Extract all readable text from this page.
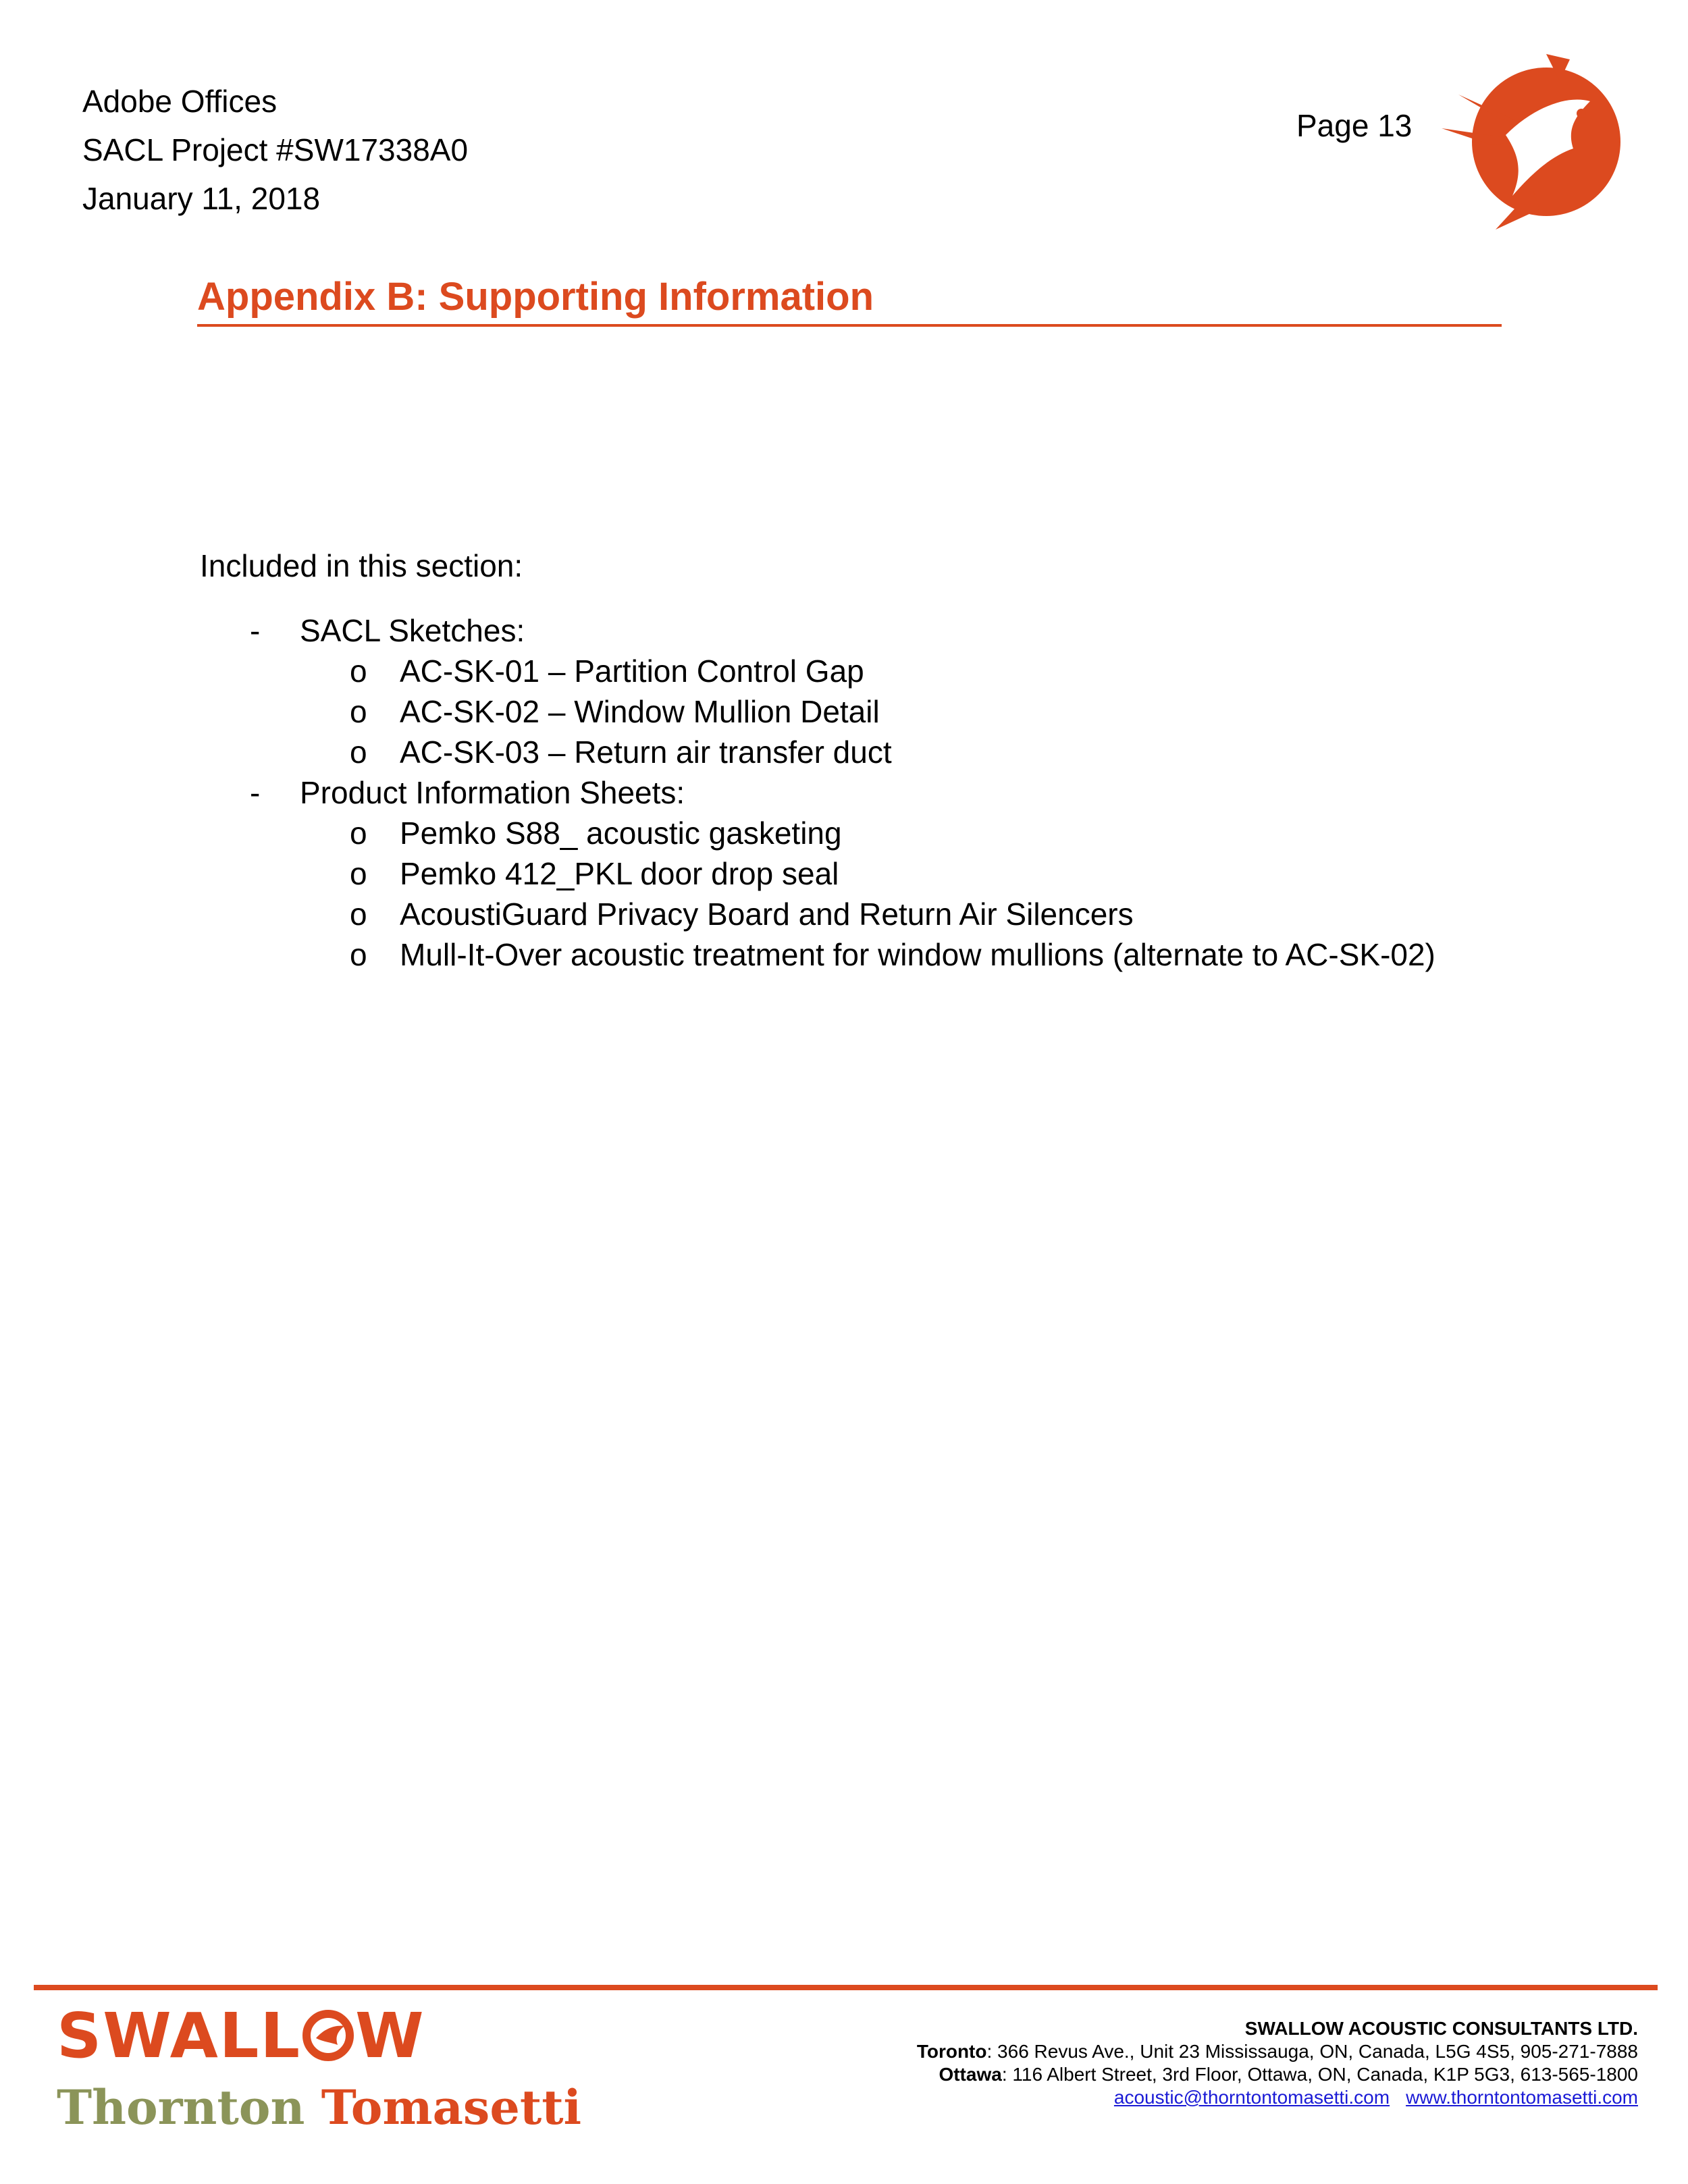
Adobe Offices
SACL Project #SW17338A0
January 11, 2018
Page 13
Appendix B: Supporting Information
Included in this section:
- SACL Sketches:
o AC-SK-01 – Partition Control Gap
o AC-SK-02 – Window Mullion Detail
o AC-SK-03 – Return air transfer duct
- Product Information Sheets:
o Pemko S88_ acoustic gasketing
o Pemko 412_PKL door drop seal
o AcoustiGuard Privacy Board and Return Air Silencers
o Mull-It-Over acoustic treatment for window mullions (alternate to AC-SK-02)
SWALL W
Thornton Tomasetti
SWALLOW ACOUSTIC CONSULTANTS LTD.
Toronto: 366 Revus Ave., Unit 23 Mississauga, ON, Canada, L5G 4S5, 905-271-7888
Ottawa: 116 Albert Street, 3rd Floor, Ottawa, ON, Canada, K1P 5G3, 613-565-1800
acoustic@thorntontomasetti.com www.thorntontomasetti.com
